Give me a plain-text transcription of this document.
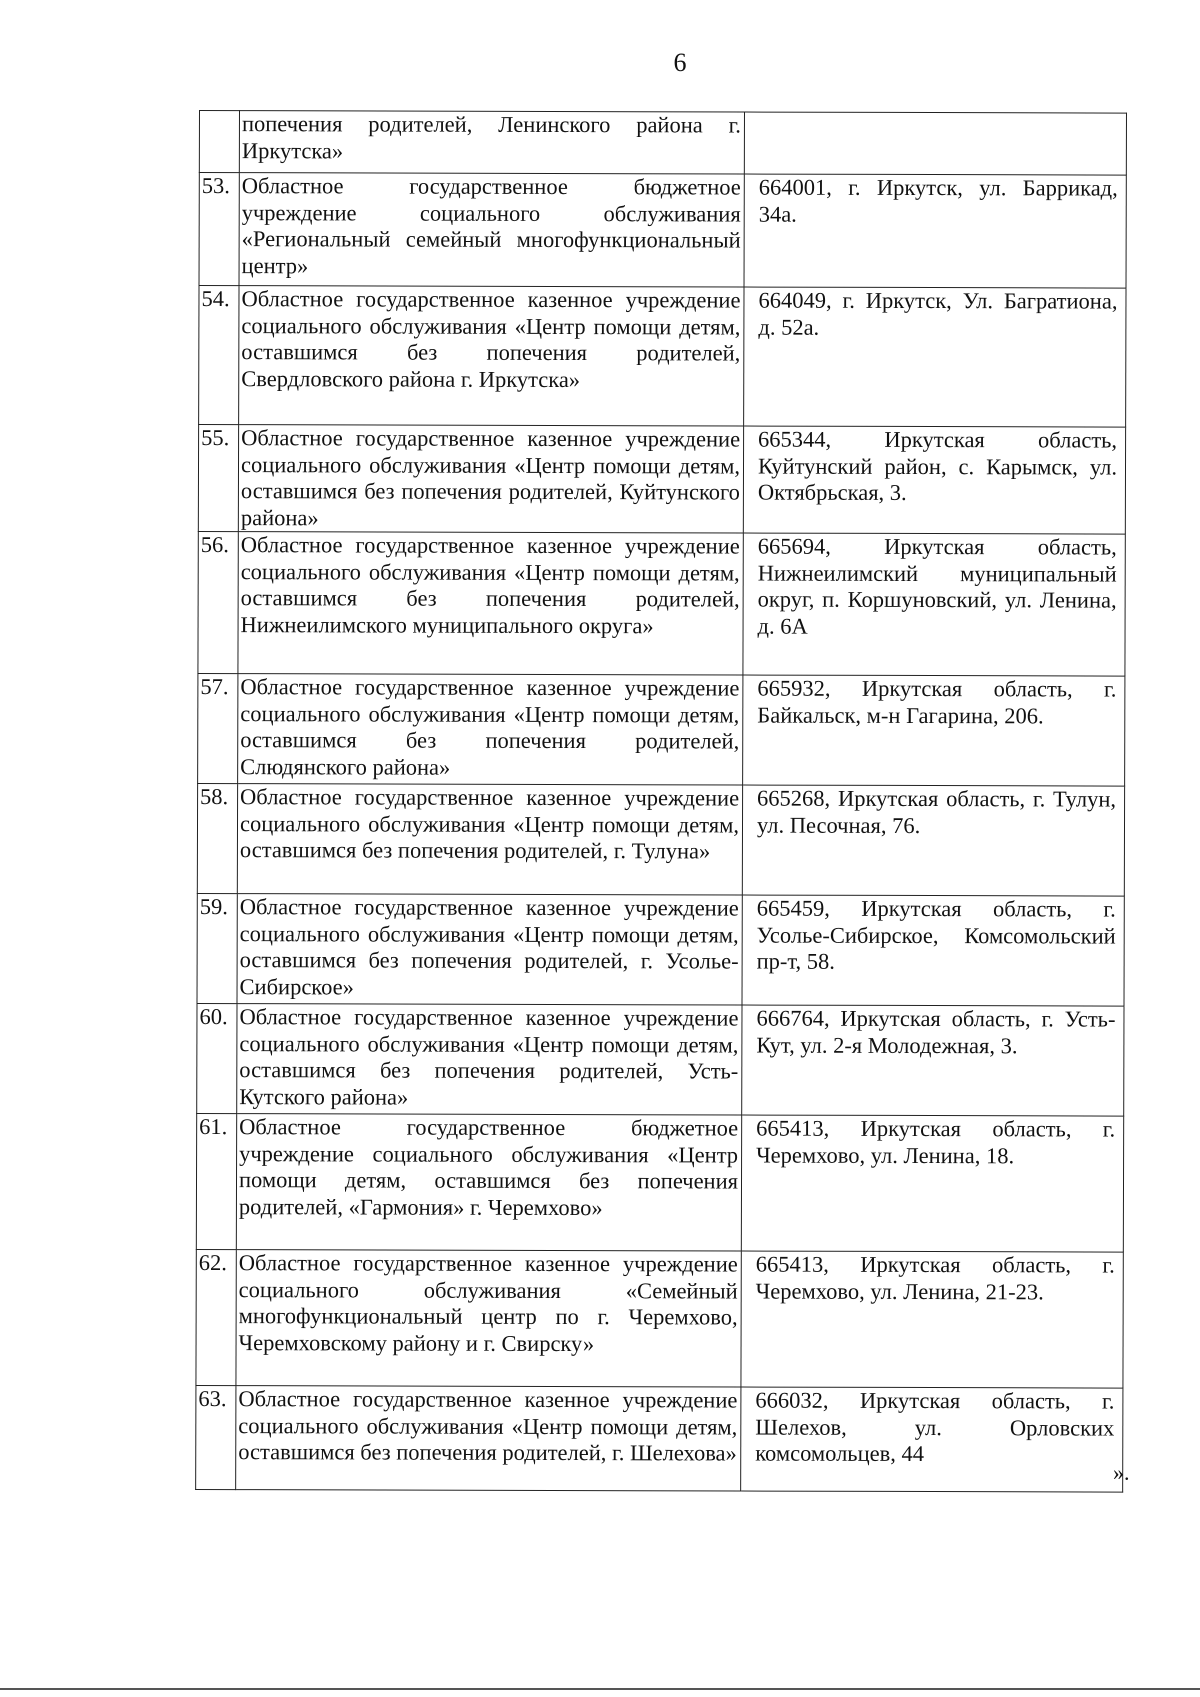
6
	попечения родителей, Ленинского района г. Иркутска»	
53.	Областное государственное бюджетное учреждение социального обслуживания «Региональный семейный многофункциональный центр»	664001, г. Иркутск, ул. Баррикад, 34а.
54.	Областное государственное казенное учреждение социального обслуживания «Центр помощи детям, оставшимся без попечения родителей, Свердловского района г. Иркутска»	664049, г. Иркутск, Ул. Багратиона, д. 52а.
55.	Областное государственное казенное учреждение социального обслуживания «Центр помощи детям, оставшимся без попечения родителей, Куйтунского района»	665344, Иркутская область, Куйтунский район, с. Карымск, ул. Октябрьская, 3.
56.	Областное государственное казенное учреждение социального обслуживания «Центр помощи детям, оставшимся без попечения родителей, Нижнеилимского муниципального округа»	665694, Иркутская область, Нижнеилимский муниципальный округ, п. Коршуновский, ул. Ленина, д. 6А
57.	Областное государственное казенное учреждение социального обслуживания «Центр помощи детям, оставшимся без попечения родителей, Слюдянского района»	665932, Иркутская область, г. Байкальск, м-н Гагарина, 206.
58.	Областное государственное казенное учреждение социального обслуживания «Центр помощи детям, оставшимся без попечения родителей, г. Тулуна»	665268, Иркутская область, г. Тулун, ул. Песочная, 76.
59.	Областное государственное казенное учреждение социального обслуживания «Центр помощи детям, оставшимся без попечения родителей, г. Усолье-Сибирское»	665459, Иркутская область, г. Усолье-Сибирское, Комсомольский пр-т, 58.
60.	Областное государственное казенное учреждение социального обслуживания «Центр помощи детям, оставшимся без попечения родителей, Усть-Кутского района»	666764, Иркутская область, г. Усть-Кут, ул. 2-я Молодежная, 3.
61.	Областное государственное бюджетное учреждение социального обслуживания «Центр помощи детям, оставшимся без попечения родителей, «Гармония» г. Черемхово»	665413, Иркутская область, г. Черемхово, ул. Ленина, 18.
62.	Областное государственное казенное учреждение социального обслуживания «Семейный многофункциональный центр по г. Черемхово, Черемховскому району и г. Свирску»	665413, Иркутская область, г. Черемхово, ул. Ленина, 21-23.
63.	Областное государственное казенное учреждение социального обслуживания «Центр помощи детям, оставшимся без попечения родителей, г. Шелехова»	666032, Иркутская область, г. Шелехов, ул. Орловских комсомольцев, 44
».
